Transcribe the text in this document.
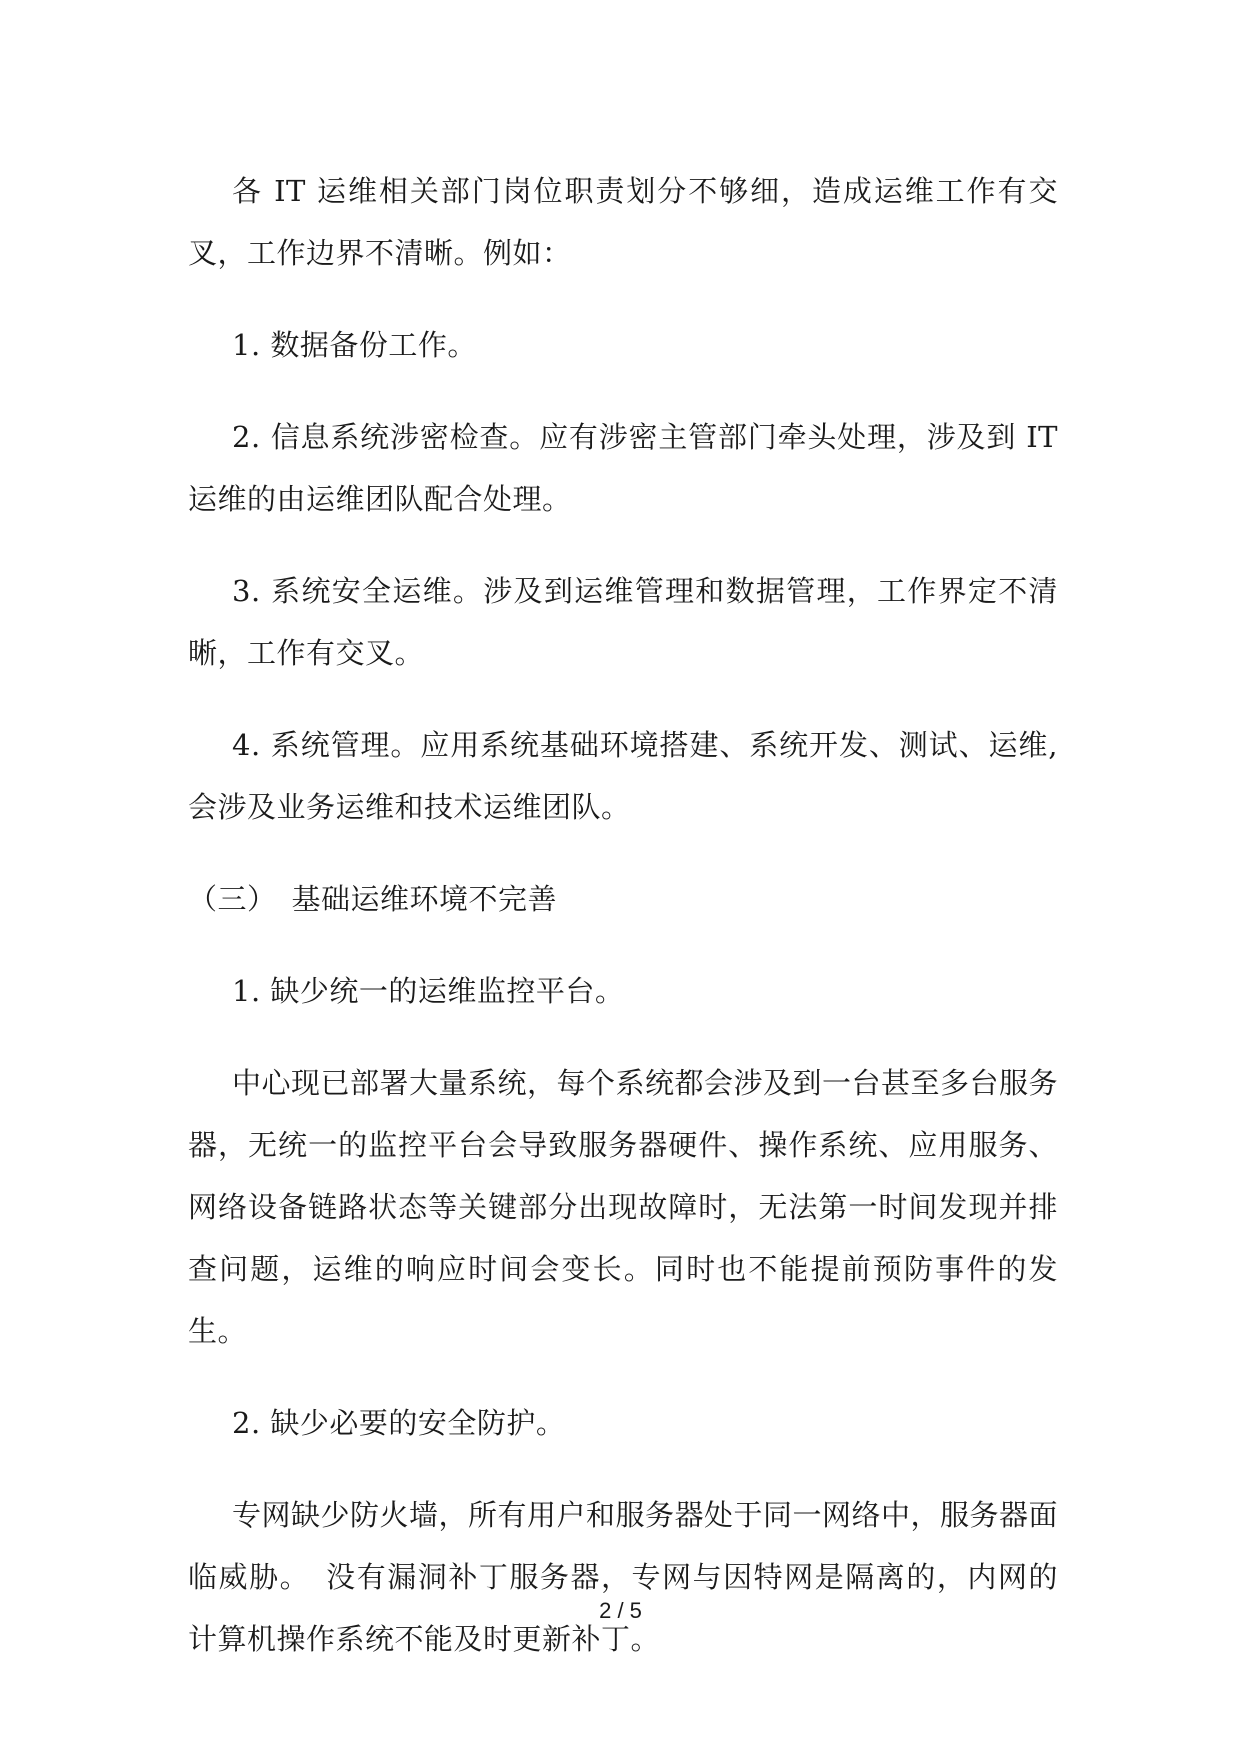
各 IT 运维相关部门岗位职责划分不够细，造成运维工作有交叉，工作边界不清晰。例如：

1. 数据备份工作。

2. 信息系统涉密检查。应有涉密主管部门牵头处理，涉及到 IT 运维的由运维团队配合处理。

3. 系统安全运维。涉及到运维管理和数据管理，工作界定不清晰，工作有交叉。

4. 系统管理。应用系统基础环境搭建、系统开发、测试、运维, 会涉及业务运维和技术运维团队。

（三）　基础运维环境不完善

1. 缺少统一的运维监控平台。

中心现已部署大量系统，每个系统都会涉及到一台甚至多台服务器，无统一的监控平台会导致服务器硬件、操作系统、应用服务、网络设备链路状态等关键部分出现故障时，无法第一时间发现并排查问题，运维的响应时间会变长。同时也不能提前预防事件的发生。

2. 缺少必要的安全防护。

专网缺少防火墙，所有用户和服务器处于同一网络中，服务器面临威胁。　没有漏洞补丁服务器，专网与因特网是隔离的，内网的计算机操作系统不能及时更新补丁。

2 / 5
